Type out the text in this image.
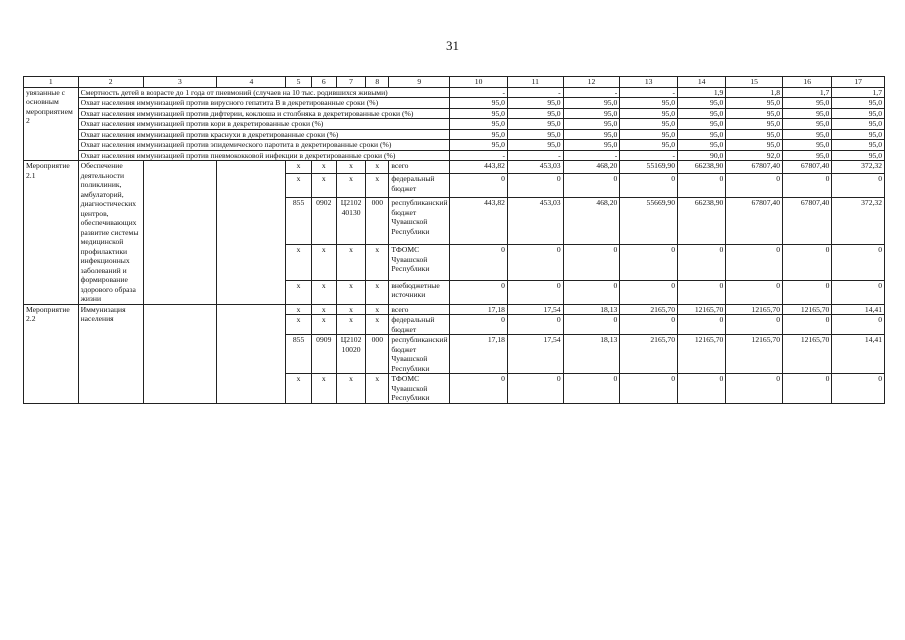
31
1	2	3	4	5	6	7	8	9	10	11	12	13	14	15	16	17
увязанные с основным мероприятием 2	Смертность детей в возрасте до 1 года от пневмоний (случаев на 10 тыс. родившихся живыми)								-	-	-	-	1,9	1,8	1,7	1,7
	Охват населения иммунизацией против вирусного гепатита В в декретированные сроки (%)								95,0	95,0	95,0	95,0	95,0	95,0	95,0	95,0
	Охват населения иммунизацией против дифтерии, коклюша и столбняка в декретированные сроки (%)								95,0	95,0	95,0	95,0	95,0	95,0	95,0	95,0
	Охват населения иммунизацией против кори в декретированные сроки (%)								95,0	95,0	95,0	95,0	95,0	95,0	95,0	95,0
	Охват населения иммунизацией против краснухи в декретированные сроки (%)								95,0	95,0	95,0	95,0	95,0	95,0	95,0	95,0
	Охват населения иммунизацией против эпидемического паротита в декретированные сроки (%)								95,0	95,0	95,0	95,0	95,0	95,0	95,0	95,0
	Охват населения иммунизацией против пневмококковой инфекции в декретированные сроки (%)								-	-	-	-	90,0	92,0	95,0	95,0
Мероприятие 2.1	Обеспечение деятельности поликлиник, амбулаторий, диагностических центров, обеспечивающих развитие системы медицинской профилактики инфекционных заболеваний и формирование здорового образа жизни			x	x	x	x	всего	443,82	453,03	468,20	55169,90	66238,90	67807,40	67807,40	372,32
				x	x	x	x	федеральный бюджет	0	0	0	0	0	0	0	0
				855	0902	Ц2102 40130	000	республиканский бюджет Чувашской Республики	443,82	453,03	468,20	55669,90	66238,90	67807,40	67807,40	372,32
				x	x	x	x	ТФОМС Чувашской Республики	0	0	0	0	0	0	0	0
				x	x	x	x	внебюджетные источники	0	0	0	0	0	0	0	0
Мероприятие 2.2	Иммунизация населения			x	x	x	x	всего	17,18	17,54	18,13	2165,70	12165,70	12165,70	12165,70	14,41
				x	x	x	x	федеральный бюджет	0	0	0	0	0	0	0	0
				855	0909	Ц2102 10020	000	республиканский бюджет Чувашской Республики	17,18	17,54	18,13	2165,70	12165,70	12165,70	12165,70	14,41
				x	x	x	x	ТФОМС Чувашской Республики	0	0	0	0	0	0	0	0
